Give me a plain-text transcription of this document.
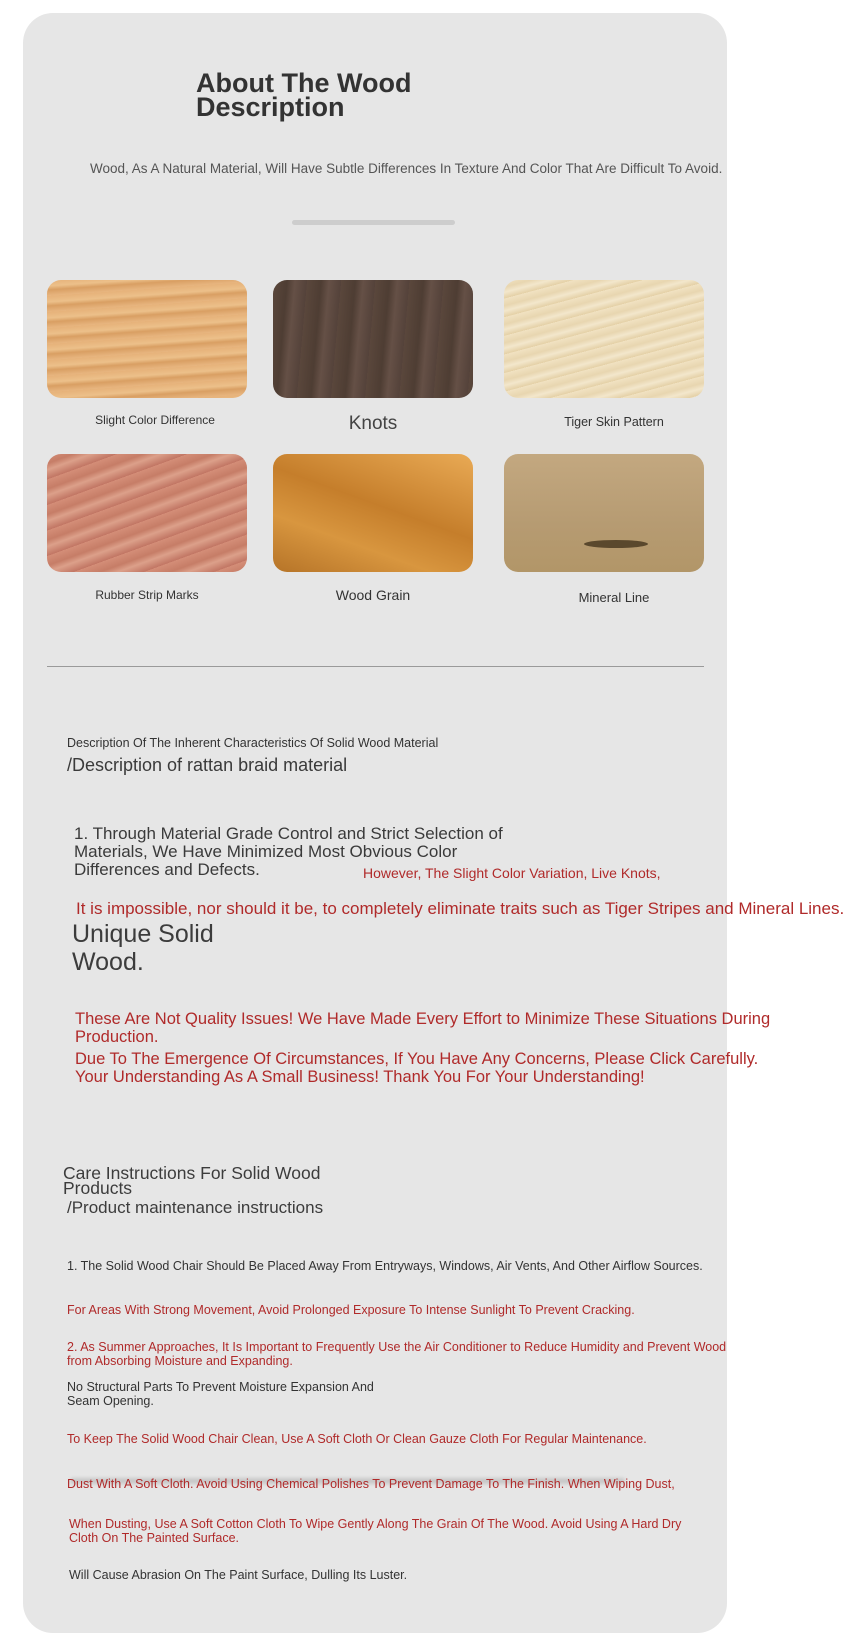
About The Wood Description

Wood, As A Natural Material, Will Have Subtle Differences In Texture And Color That Are Difficult To Avoid.

Slight Color Difference	Knots	Tiger Skin Pattern
Rubber Strip Marks	Wood Grain	Mineral Line
Description Of The Inherent Characteristics Of Solid Wood Material
/Description of rattan braid material
1. Through Material Grade Control and Strict Selection of Materials, We Have Minimized Most Obvious Color Differences and Defects.	However, The Slight Color Variation, Live Knots,
It is impossible, nor should it be, to completely eliminate traits such as Tiger Stripes and Mineral Lines.
Unique Solid Wood.
These Are Not Quality Issues! We Have Made Every Effort to Minimize These Situations During Production.
Due To The Emergence Of Circumstances, If You Have Any Concerns, Please Click Carefully.
Your Understanding As A Small Business! Thank You For Your Understanding!
Care Instructions For Solid Wood Products
/Product maintenance instructions
1. The Solid Wood Chair Should Be Placed Away From Entryways, Windows, Air Vents, And Other Airflow Sources.
For Areas With Strong Movement, Avoid Prolonged Exposure To Intense Sunlight To Prevent Cracking.
2. As Summer Approaches, It Is Important to Frequently Use the Air Conditioner to Reduce Humidity and Prevent Wood from Absorbing Moisture and Expanding.
No Structural Parts To Prevent Moisture Expansion And Seam Opening.
To Keep The Solid Wood Chair Clean, Use A Soft Cloth Or Clean Gauze Cloth For Regular Maintenance.
Dust With A Soft Cloth. Avoid Using Chemical Polishes To Prevent Damage To The Finish. When Wiping Dust,
When Dusting, Use A Soft Cotton Cloth To Wipe Gently Along The Grain Of The Wood. Avoid Using A Hard Dry Cloth On The Painted Surface.
Will Cause Abrasion On The Paint Surface, Dulling Its Luster.
